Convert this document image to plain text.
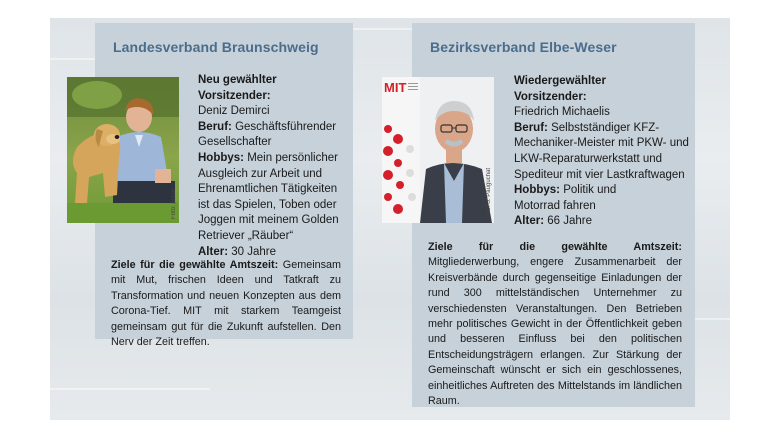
Landesverband Braunschweig
Foto: privat
Neu gewählter Vorsitzender:
Deniz Demirci
Beruf: Geschäftsführender Gesellschafter
Hobbys: Mein persönlicher Ausgleich zur Arbeit und Ehrenamtlichen Tätigkeiten ist das Spielen, Toben oder Joggen mit meinem Golden Retriever „Räuber“
Alter: 30 Jahre
Ziele für die gewählte Amtszeit: Gemeinsam mit Mut, frischen Ideen und Tatkraft zu Transformation und neuen Konzepten aus dem Corona-Tief. MIT mit starkem Teamgeist gemeinsam gut für die Zukunft aufstellen. Den Nerv der Zeit treffen.
Bezirksverband Elbe-Weser
MIT
Foto: S. Pauguchat
Wiedergewählter
Vorsitzender:
Friedrich Michaelis
Beruf: Selbstständiger KFZ-Mechaniker-Meister mit PKW- und LKW-Reparaturwerkstatt und Spediteur mit vier Lastkraftwagen
Hobbys: Politik und Motorrad fahren
Alter: 66 Jahre
Ziele für die gewählte Amtszeit: Mitgliederwerbung, engere Zusammenarbeit der Kreisverbände durch gegenseitige Einladungen der rund 300 mittelständischen Unternehmer zu verschiedensten Veranstaltungen. Den Betrieben mehr politisches Gewicht in der Öffentlichkeit geben und besseren Einfluss bei den politischen Entscheidungsträgern erlangen. Zur Stärkung der Gemeinschaft wünscht er sich ein geschlossenes, einheitliches Auftreten des Mittelstands im ländlichen Raum.
